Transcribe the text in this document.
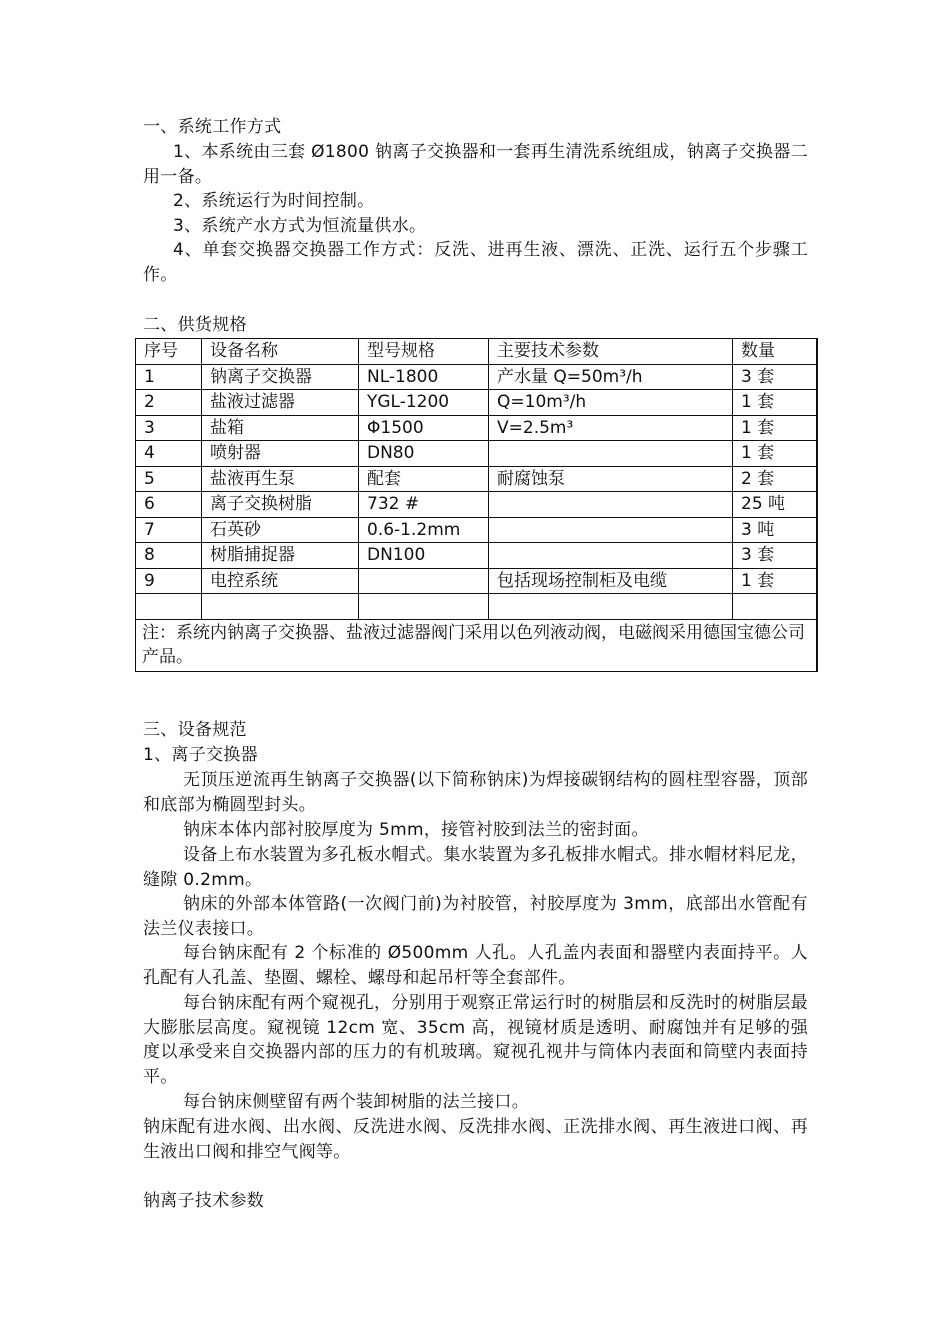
一、系统工作方式
1、本系统由三套 Ø1800 钠离子交换器和一套再生清洗系统组成，钠离子交换器二用一备。
2、系统运行为时间控制。
3、系统产水方式为恒流量供水。
4、单套交换器交换器工作方式：反洗、进再生液、漂洗、正洗、运行五个步骤工作。
二、供货规格
序号	设备名称	型号规格	主要技术参数	数量
1	钠离子交换器	NL-1800	产水量 Q=50m³/h	3 套
2	盐液过滤器	YGL-1200	Q=10m³/h	1 套
3	盐箱	Φ1500	V=2.5m³	1 套
4	喷射器	DN80		1 套
5	盐液再生泵	配套	耐腐蚀泵	2 套
6	离子交换树脂	732 #		25 吨
7	石英砂	0.6-1.2mm		3 吨
8	树脂捕捉器	DN100		3 套
9	电控系统		包括现场控制柜及电缆	1 套

注：系统内钠离子交换器、盐液过滤器阀门采用以色列液动阀，电磁阀采用德国宝德公司产品。				
三、设备规范
1、离子交换器
无顶压逆流再生钠离子交换器(以下简称钠床)为焊接碳钢结构的圆柱型容器，顶部和底部为椭圆型封头。
钠床本体内部衬胶厚度为 5mm，接管衬胶到法兰的密封面。
设备上布水装置为多孔板水帽式。集水装置为多孔板排水帽式。排水帽材料尼龙，缝隙 0.2mm。
钠床的外部本体管路(一次阀门前)为衬胶管，衬胶厚度为 3mm，底部出水管配有法兰仪表接口。
每台钠床配有 2 个标准的 Ø500mm 人孔。人孔盖内表面和器壁内表面持平。人孔配有人孔盖、垫圈、螺栓、螺母和起吊杆等全套部件。
每台钠床配有两个窥视孔，分别用于观察正常运行时的树脂层和反洗时的树脂层最大膨胀层高度。窥视镜 12cm 宽、35cm 高，视镜材质是透明、耐腐蚀并有足够的强度以承受来自交换器内部的压力的有机玻璃。窥视孔视井与筒体内表面和筒壁内表面持平。
每台钠床侧壁留有两个装卸树脂的法兰接口。
钠床配有进水阀、出水阀、反洗进水阀、反洗排水阀、正洗排水阀、再生液进口阀、再生液出口阀和排空气阀等。
钠离子技术参数
